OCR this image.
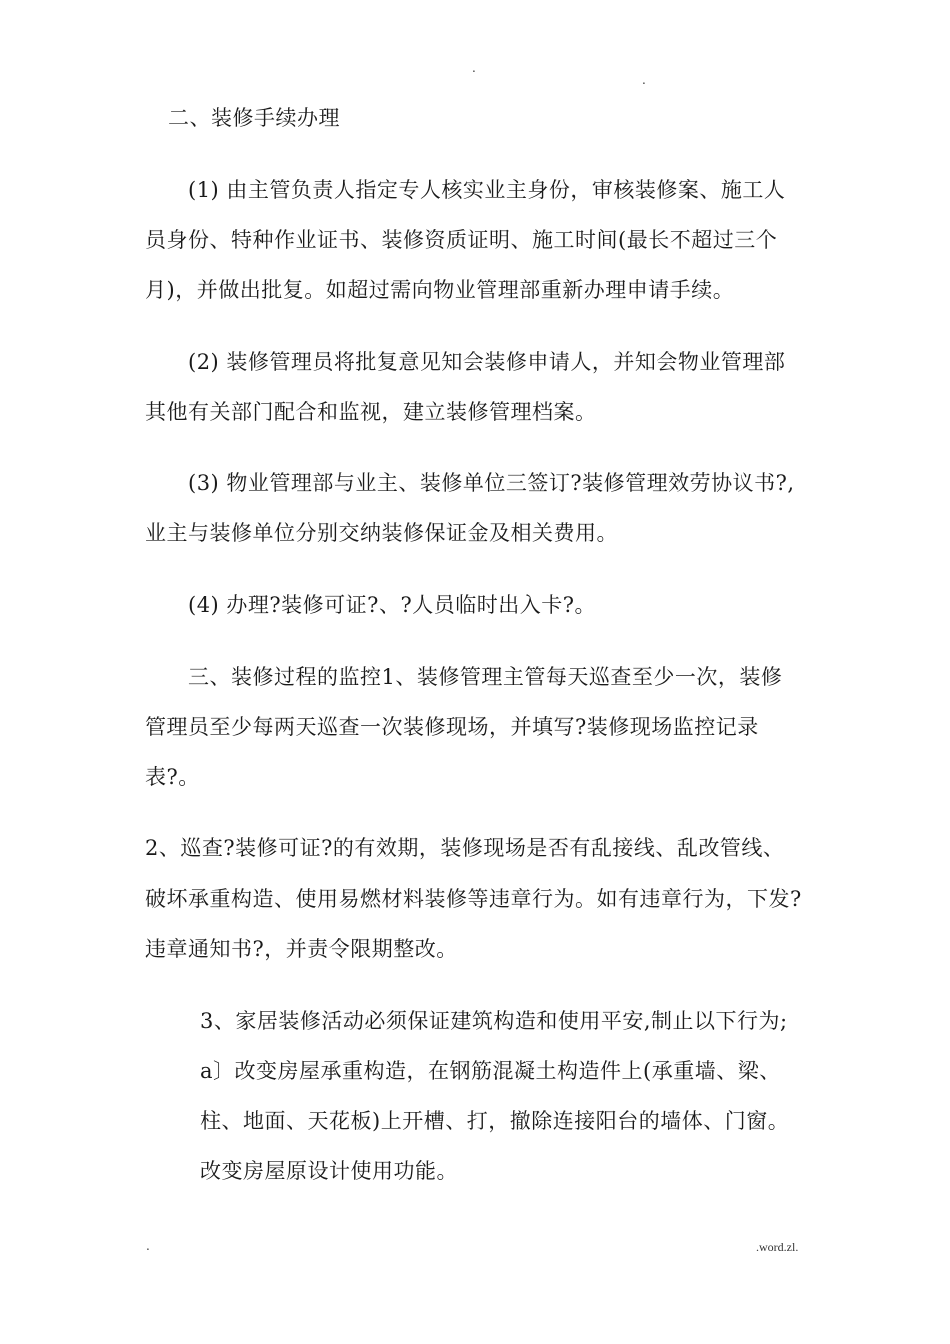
.
.
二、装修手续办理
(1) 由主管负责人指定专人核实业主身份，审核装修案、施工人
员身份、特种作业证书、装修资质证明、施工时间(最长不超过三个
月)，并做出批复。如超过需向物业管理部重新办理申请手续。
(2) 装修管理员将批复意见知会装修申请人，并知会物业管理部
其他有关部门配合和监视，建立装修管理档案。
(3) 物业管理部与业主、装修单位三签订?装修管理效劳协议书?,
业主与装修单位分别交纳装修保证金及相关费用。
(4) 办理?装修可证?、?人员临时出入卡?。
三、装修过程的监控1、装修管理主管每天巡查至少一次，装修
管理员至少每两天巡查一次装修现场，并填写?装修现场监控记录
表?。
2、巡查?装修可证?的有效期，装修现场是否有乱接线、乱改管线、
破坏承重构造、使用易燃材料装修等违章行为。如有违章行为，下发?
违章通知书?，并责令限期整改。
3、家居装修活动必须保证建筑构造和使用平安,制止以下行为;
a〕改变房屋承重构造，在钢筋混凝土构造件上(承重墙、梁、
柱、地面、天花板)上开槽、打，撤除连接阳台的墙体、门窗。
改变房屋原设计使用功能。
.	.word.zl.
